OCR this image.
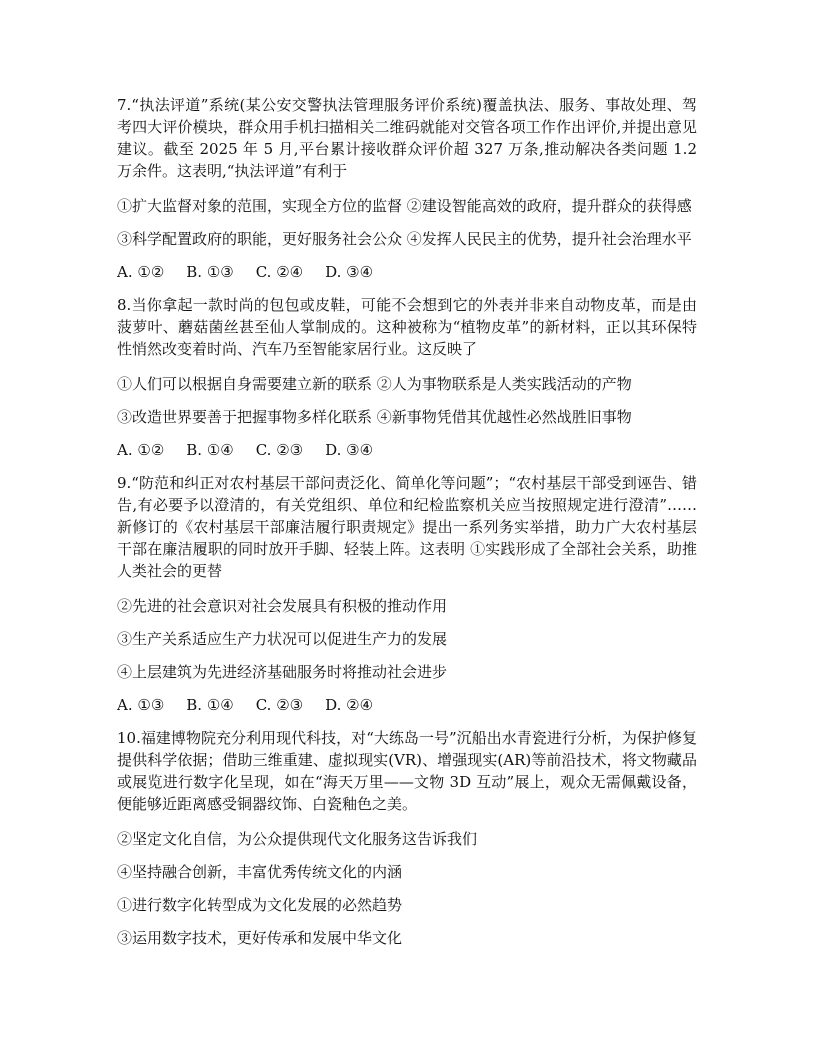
7.“执法评道”系统(某公安交警执法管理服务评价系统)覆盖执法、服务、事故处理、驾考四大评价模块，群众用手机扫描相关二维码就能对交管各项工作作出评价,并提出意见建议。截至 2025 年 5 月,平台累计接收群众评价超 327 万条,推动解决各类问题 1.2 万余件。这表明,“执法评道”有利于

①扩大监督对象的范围，实现全方位的监督 ②建设智能高效的政府，提升群众的获得感

③科学配置政府的职能，更好服务社会公众 ④发挥人民民主的优势，提升社会治理水平

A. ①② B. ①③ C. ②④ D. ③④

8.当你拿起一款时尚的包包或皮鞋，可能不会想到它的外表并非来自动物皮革，而是由菠萝叶、蘑菇菌丝甚至仙人掌制成的。这种被称为“植物皮革”的新材料，正以其环保特性悄然改变着时尚、汽车乃至智能家居行业。这反映了

①人们可以根据自身需要建立新的联系 ②人为事物联系是人类实践活动的产物

③改造世界要善于把握事物多样化联系 ④新事物凭借其优越性必然战胜旧事物

A. ①② B. ①④ C. ②③ D. ③④

9.“防范和纠正对农村基层干部问责泛化、简单化等问题”；“农村基层干部受到诬告、错告,有必要予以澄清的，有关党组织、单位和纪检监察机关应当按照规定进行澄清”……新修订的《农村基层干部廉洁履行职责规定》提出一系列务实举措，助力广大农村基层干部在廉洁履职的同时放开手脚、轻装上阵。这表明 ①实践形成了全部社会关系，助推人类社会的更替

②先进的社会意识对社会发展具有积极的推动作用

③生产关系适应生产力状况可以促进生产力的发展

④上层建筑为先进经济基础服务时将推动社会进步

A. ①③ B. ①④ C. ②③ D. ②④

10.福建博物院充分利用现代科技，对“大练岛一号”沉船出水青瓷进行分析，为保护修复提供科学依据；借助三维重建、虚拟现实(VR)、增强现实(AR)等前沿技术，将文物藏品或展览进行数字化呈现，如在“海天万里——文物 3D 互动”展上，观众无需佩戴设备，便能够近距离感受铜器纹饰、白瓷釉色之美。

②坚定文化自信，为公众提供现代文化服务这告诉我们

④坚持融合创新，丰富优秀传统文化的内涵

①进行数字化转型成为文化发展的必然趋势

③运用数字技术，更好传承和发展中华文化
